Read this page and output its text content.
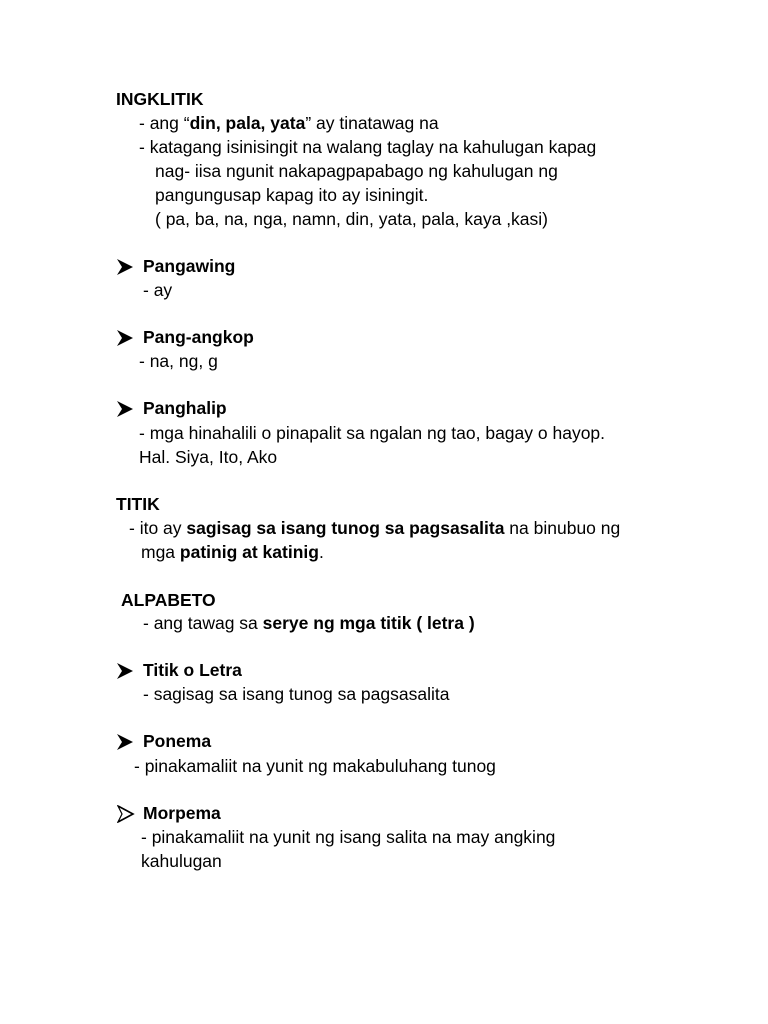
INGKLITIK
- ang “din, pala, yata” ay tinatawag na
- katagang isinisingit na walang taglay na kahulugan kapag
nag- iisa ngunit nakapagpapabago ng kahulugan ng
pangungusap kapag ito ay isiningit.
( pa, ba, na, nga, namn, din, yata, pala, kaya ,kasi)
Pangawing
- ay
Pang-angkop
- na, ng, g
Panghalip
- mga hinahalili o pinapalit sa ngalan ng tao, bagay o hayop.
Hal. Siya, Ito, Ako
TITIK
- ito ay sagisag sa isang tunog sa pagsasalita na binubuo ng
mga patinig at katinig.
ALPABETO
- ang tawag sa serye ng mga titik ( letra )
Titik o Letra
- sagisag sa isang tunog sa pagsasalita
Ponema
- pinakamaliit na yunit ng makabuluhang tunog
Morpema
- pinakamaliit na yunit ng isang salita na may angking
kahulugan
